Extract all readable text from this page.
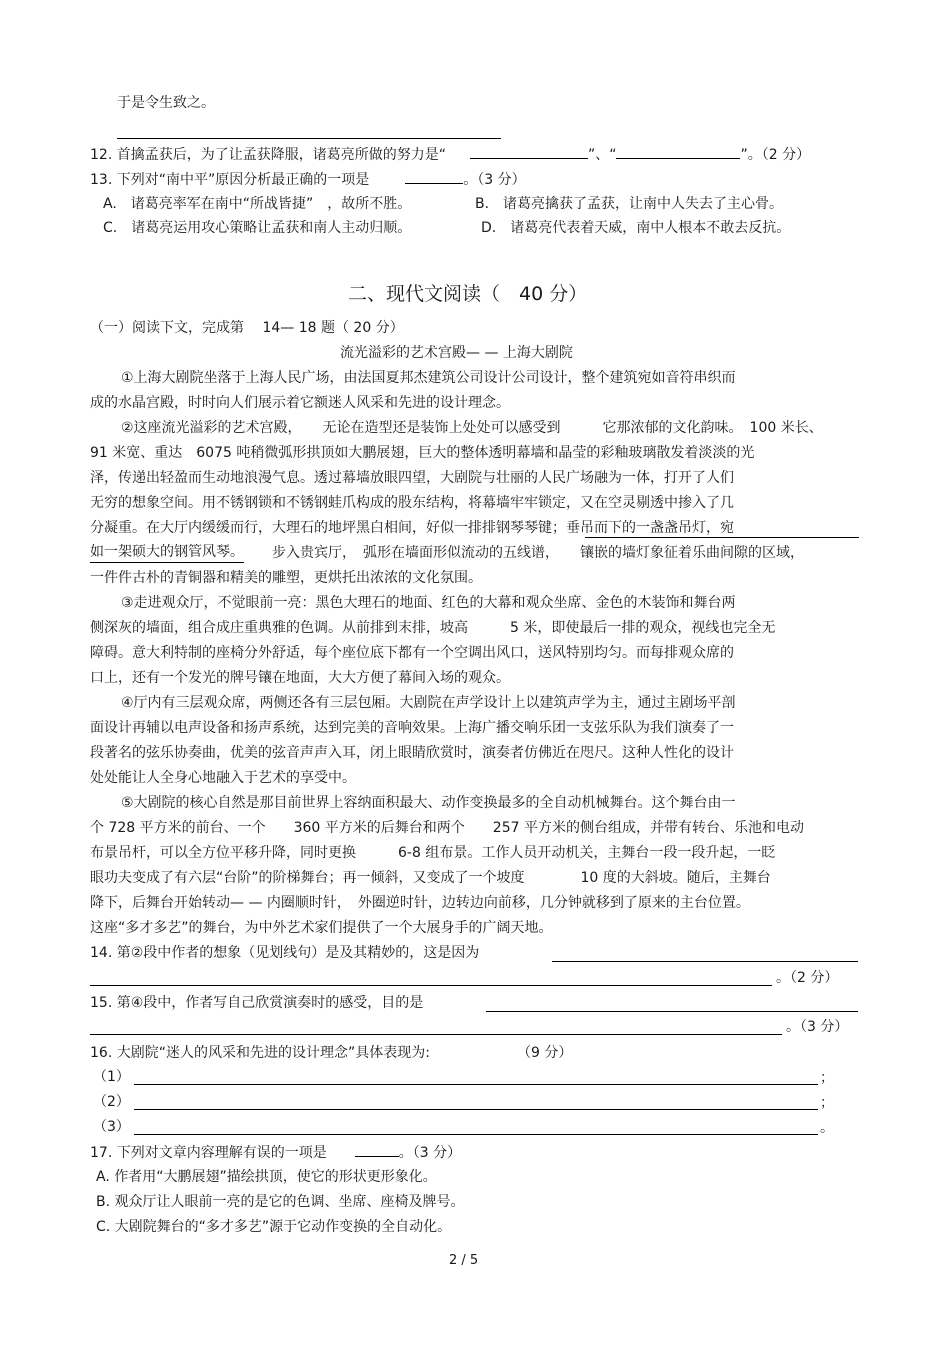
于是令生致之。
12. 首擒孟获后，为了让孟获降服，诸葛亮所做的努力是“	”、“	”。（2 分）
13. 下列对“南中平”原因分析最正确的一项是	。（3 分）
A.　诸葛亮率军在南中“所战皆捷”　，故所不胜。	B.　诸葛亮擒获了孟获，让南中人失去了主心骨。
C.　诸葛亮运用攻心策略让孟获和南人主动归顺。	D.　诸葛亮代表着天威，南中人根本不敢去反抗。
二、现代文阅读（　40 分）
（一）阅读下文，完成第　 14— 18 题（ 20 分）
流光溢彩的艺术宫殿— — 上海大剧院
①上海大剧院坐落于上海人民广场，由法国夏邦杰建筑公司设计公司设计，整个建筑宛如音符串织而
成的水晶宫殿，时时向人们展示着它额迷人风采和先进的设计理念。
②这座流光溢彩的艺术宫殿，　　无论在造型还是装饰上处处可以感受到　　　它那浓郁的文化韵味。　100 米长、
91 米宽、重达　6075 吨稍微弧形拱顶如大鹏展翅，巨大的整体透明幕墙和晶莹的彩釉玻璃散发着淡淡的光
泽，传递出轻盈而生动地浪漫气息。透过幕墙放眼四望，大剧院与壮丽的人民广场融为一体，打开了人们
无穷的想象空间。用不锈钢锁和不锈钢蛙爪构成的股东结构，将幕墙牢牢锁定，又在空灵剔透中掺入了几
分凝重。在大厅内缓缓而行，大理石的地坪黑白相间，好似一排排钢琴琴键；垂吊而下的一盏盏吊灯，宛
如一架硕大的钢管风琴。 　步入贵宾厅，　弧形在墙面形似流动的五线谱，　　镶嵌的墙灯象征着乐曲间隙的区域，
一件件古朴的青铜器和精美的雕塑，更烘托出浓浓的文化氛围。
③走进观众厅，不觉眼前一亮：黑色大理石的地面、红色的大幕和观众坐席、金色的木装饰和舞台两
侧深灰的墙面，组合成庄重典雅的色调。从前排到末排，坡高　　　5 米，即使最后一排的观众，视线也完全无
障碍。意大利特制的座椅分外舒适，每个座位底下都有一个空调出风口，送风特别均匀。而每排观众席的
口上，还有一个发光的牌号镶在地面，大大方便了幕间入场的观众。
④厅内有三层观众席，两侧还各有三层包厢。大剧院在声学设计上以建筑声学为主，通过主剧场平剖
面设计再辅以电声设备和扬声系统，达到完美的音响效果。上海广播交响乐团一支弦乐队为我们演奏了一
段著名的弦乐协奏曲，优美的弦音声声入耳，闭上眼睛欣赏时，演奏者仿佛近在咫尺。这种人性化的设计
处处能让人全身心地融入于艺术的享受中。
⑤大剧院的核心自然是那目前世界上容纳面积最大、动作变换最多的全自动机械舞台。这个舞台由一
个 728 平方米的前台、一个　　360 平方米的后舞台和两个　　257 平方米的侧台组成，并带有转台、乐池和电动
布景吊杆，可以全方位平移升降，同时更换　　　6-8 组布景。工作人员开动机关，主舞台一段一段升起，一眨
眼功夫变成了有六层“台阶”的阶梯舞台；再一倾斜，又变成了一个坡度　　　　10 度的大斜坡。随后，主舞台
降下，后舞台开始转动— — 内圈顺时针，　外圈逆时针，边转边向前移，几分钟就移到了原来的主台位置。
这座“多才多艺”的舞台，为中外艺术家们提供了一个大展身手的广阔天地。
14. 第②段中作者的想象（见划线句）是及其精妙的，这是因为
。（2 分）
15. 第④段中，作者写自己欣赏演奏时的感受，目的是
。（3 分）
16. 大剧院“迷人的风采和先进的设计理念”具体表现为:	（9 分）
（1）	；
（2）	；
（3）	。
17. 下列对文章内容理解有误的一项是	。（3 分）
A. 作者用“大鹏展翅”描绘拱顶，使它的形状更形象化。
B. 观众厅让人眼前一亮的是它的色调、坐席、座椅及牌号。
C. 大剧院舞台的“多才多艺”源于它动作变换的全自动化。
2 / 5
